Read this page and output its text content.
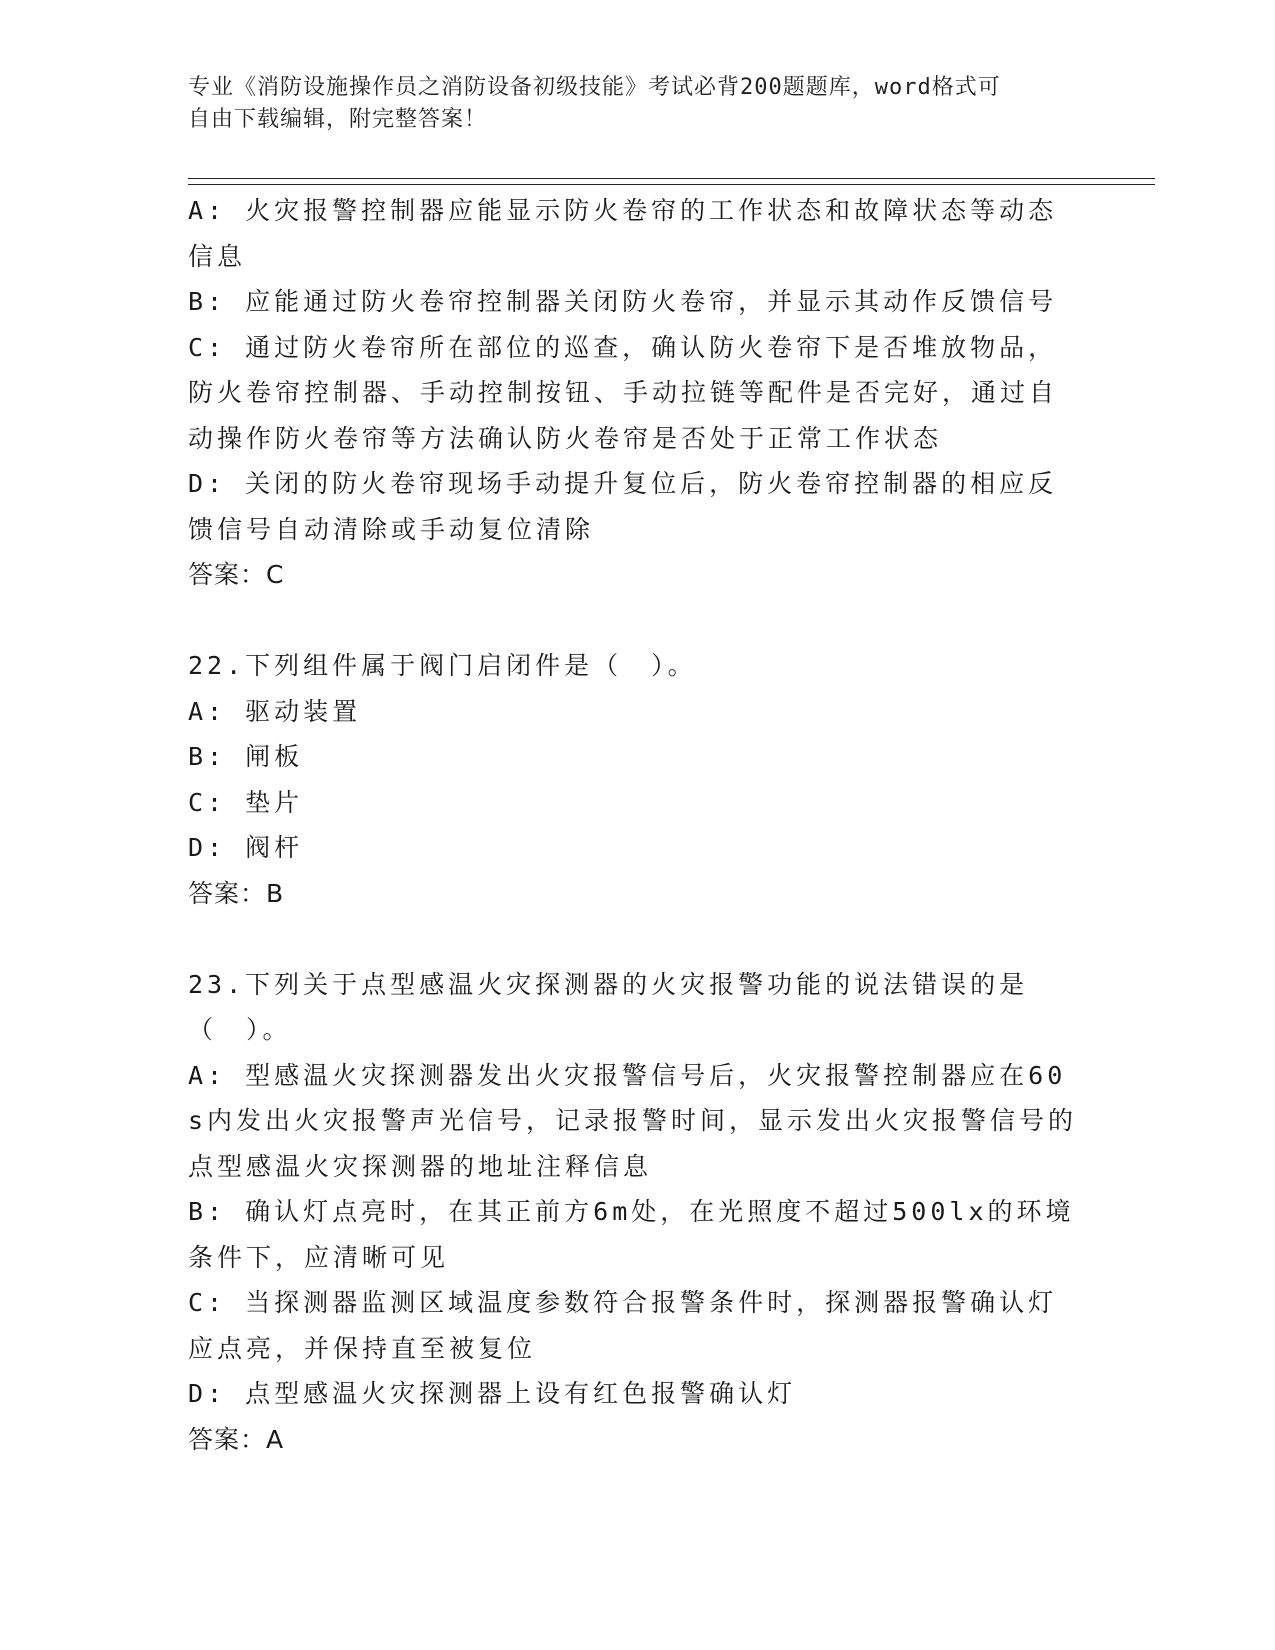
专业《消防设施操作员之消防设备初级技能》考试必背200题题库，word格式可
自由下载编辑，附完整答案！
A: 火灾报警控制器应能显示防火卷帘的工作状态和故障状态等动态信息
B: 应能通过防火卷帘控制器关闭防火卷帘，并显示其动作反馈信号
C: 通过防火卷帘所在部位的巡查，确认防火卷帘下是否堆放物品，防火卷帘控制器、手动控制按钮、手动拉链等配件是否完好，通过自动操作防火卷帘等方法确认防火卷帘是否处于正常工作状态
D: 关闭的防火卷帘现场手动提升复位后，防火卷帘控制器的相应反馈信号自动清除或手动复位清除
答案：C
22.下列组件属于阀门启闭件是（　）。
A: 驱动装置
B: 闸板
C: 垫片
D: 阀杆
答案：B
23.下列关于点型感温火灾探测器的火灾报警功能的说法错误的是（　）。
A: 型感温火灾探测器发出火灾报警信号后，火灾报警控制器应在60s内发出火灾报警声光信号，记录报警时间，显示发出火灾报警信号的点型感温火灾探测器的地址注释信息
B: 确认灯点亮时，在其正前方6m处，在光照度不超过500lx的环境条件下，应清晰可见
C: 当探测器监测区域温度参数符合报警条件时，探测器报警确认灯应点亮，并保持直至被复位
D: 点型感温火灾探测器上设有红色报警确认灯
答案：A
